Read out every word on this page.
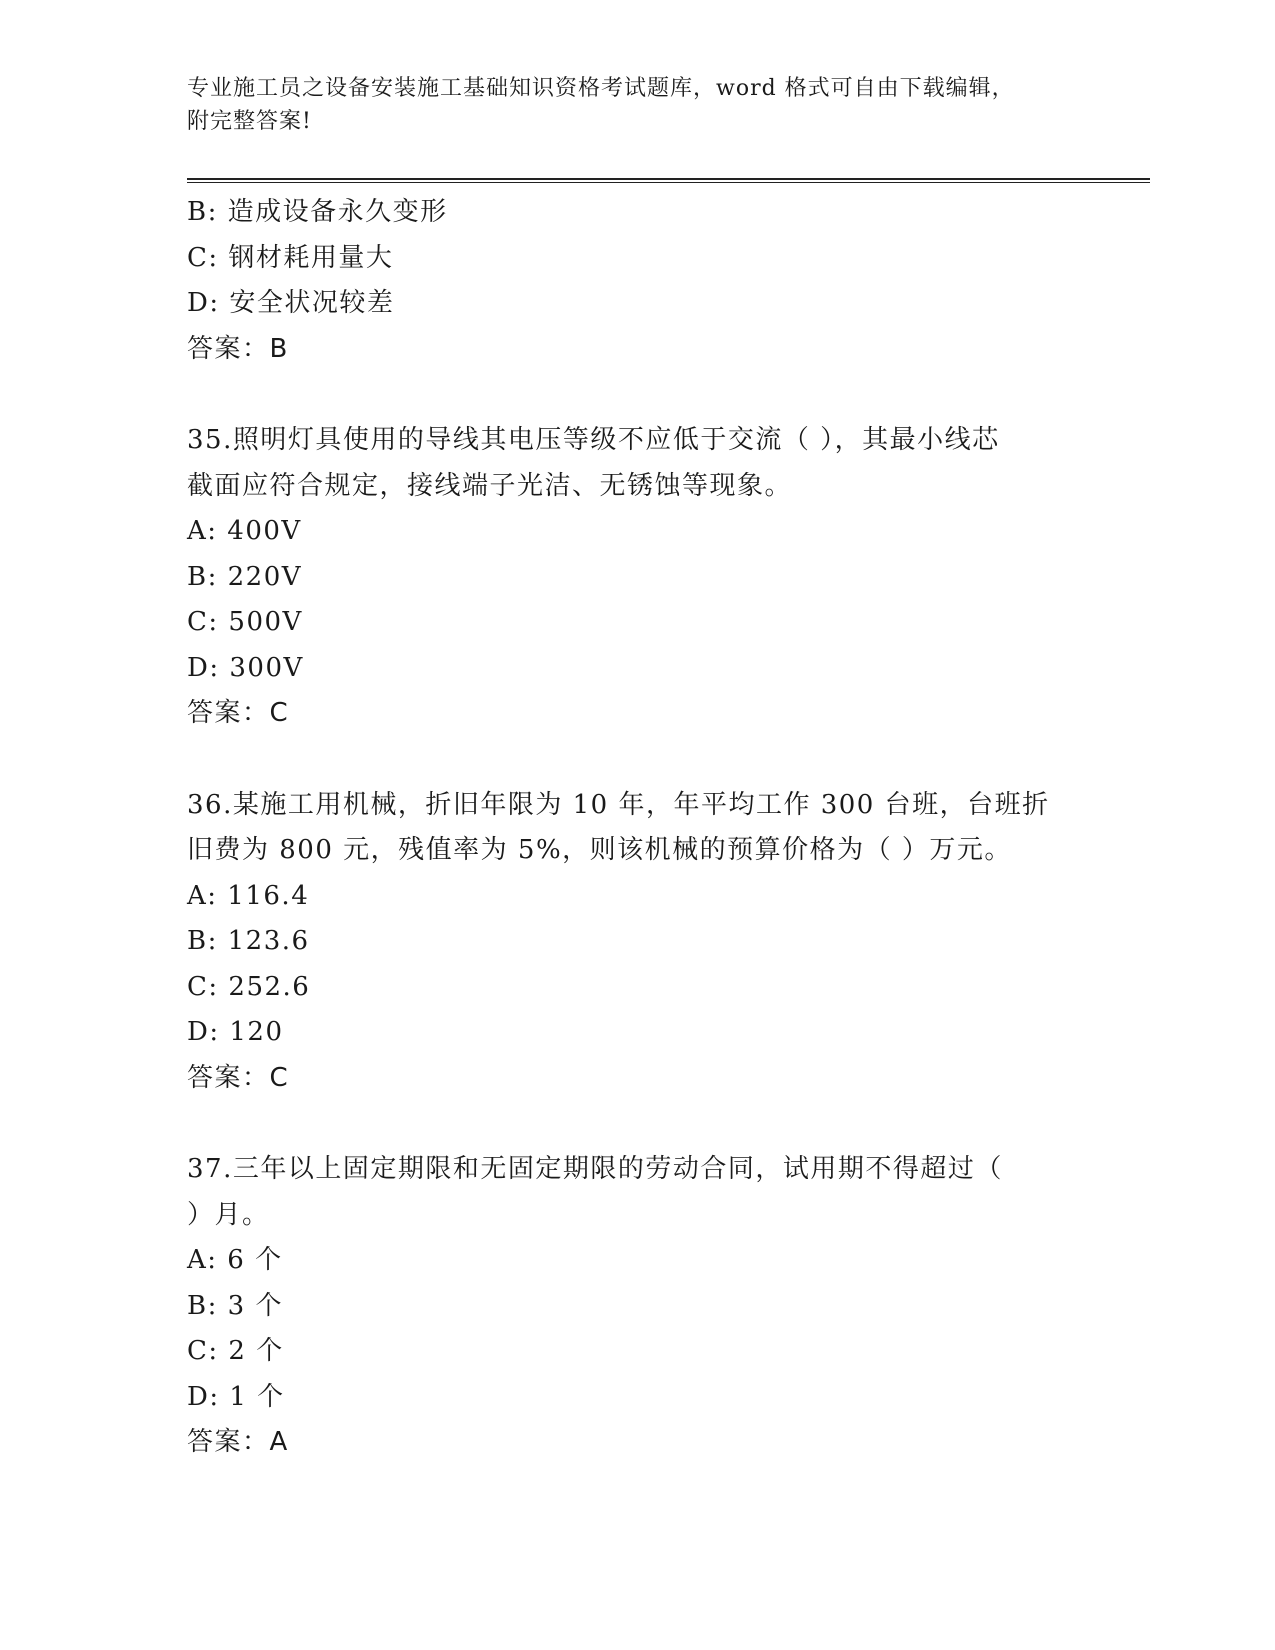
专业施工员之设备安装施工基础知识资格考试题库，word 格式可自由下载编辑，
附完整答案!
B: 造成设备永久变形
C: 钢材耗用量大
D: 安全状况较差
答案：B
35.照明灯具使用的导线其电压等级不应低于交流（ ），其最小线芯
截面应符合规定，接线端子光洁、无锈蚀等现象。
A: 400V
B: 220V
C: 500V
D: 300V
答案：C
36.某施工用机械，折旧年限为 10 年，年平均工作 300 台班，台班折
旧费为 800 元，残值率为 5%，则该机械的预算价格为（ ）万元。
A: 116.4
B: 123.6
C: 252.6
D: 120
答案：C
37.三年以上固定期限和无固定期限的劳动合同，试用期不得超过（
）月。
A: 6 个
B: 3 个
C: 2 个
D: 1 个
答案：A
